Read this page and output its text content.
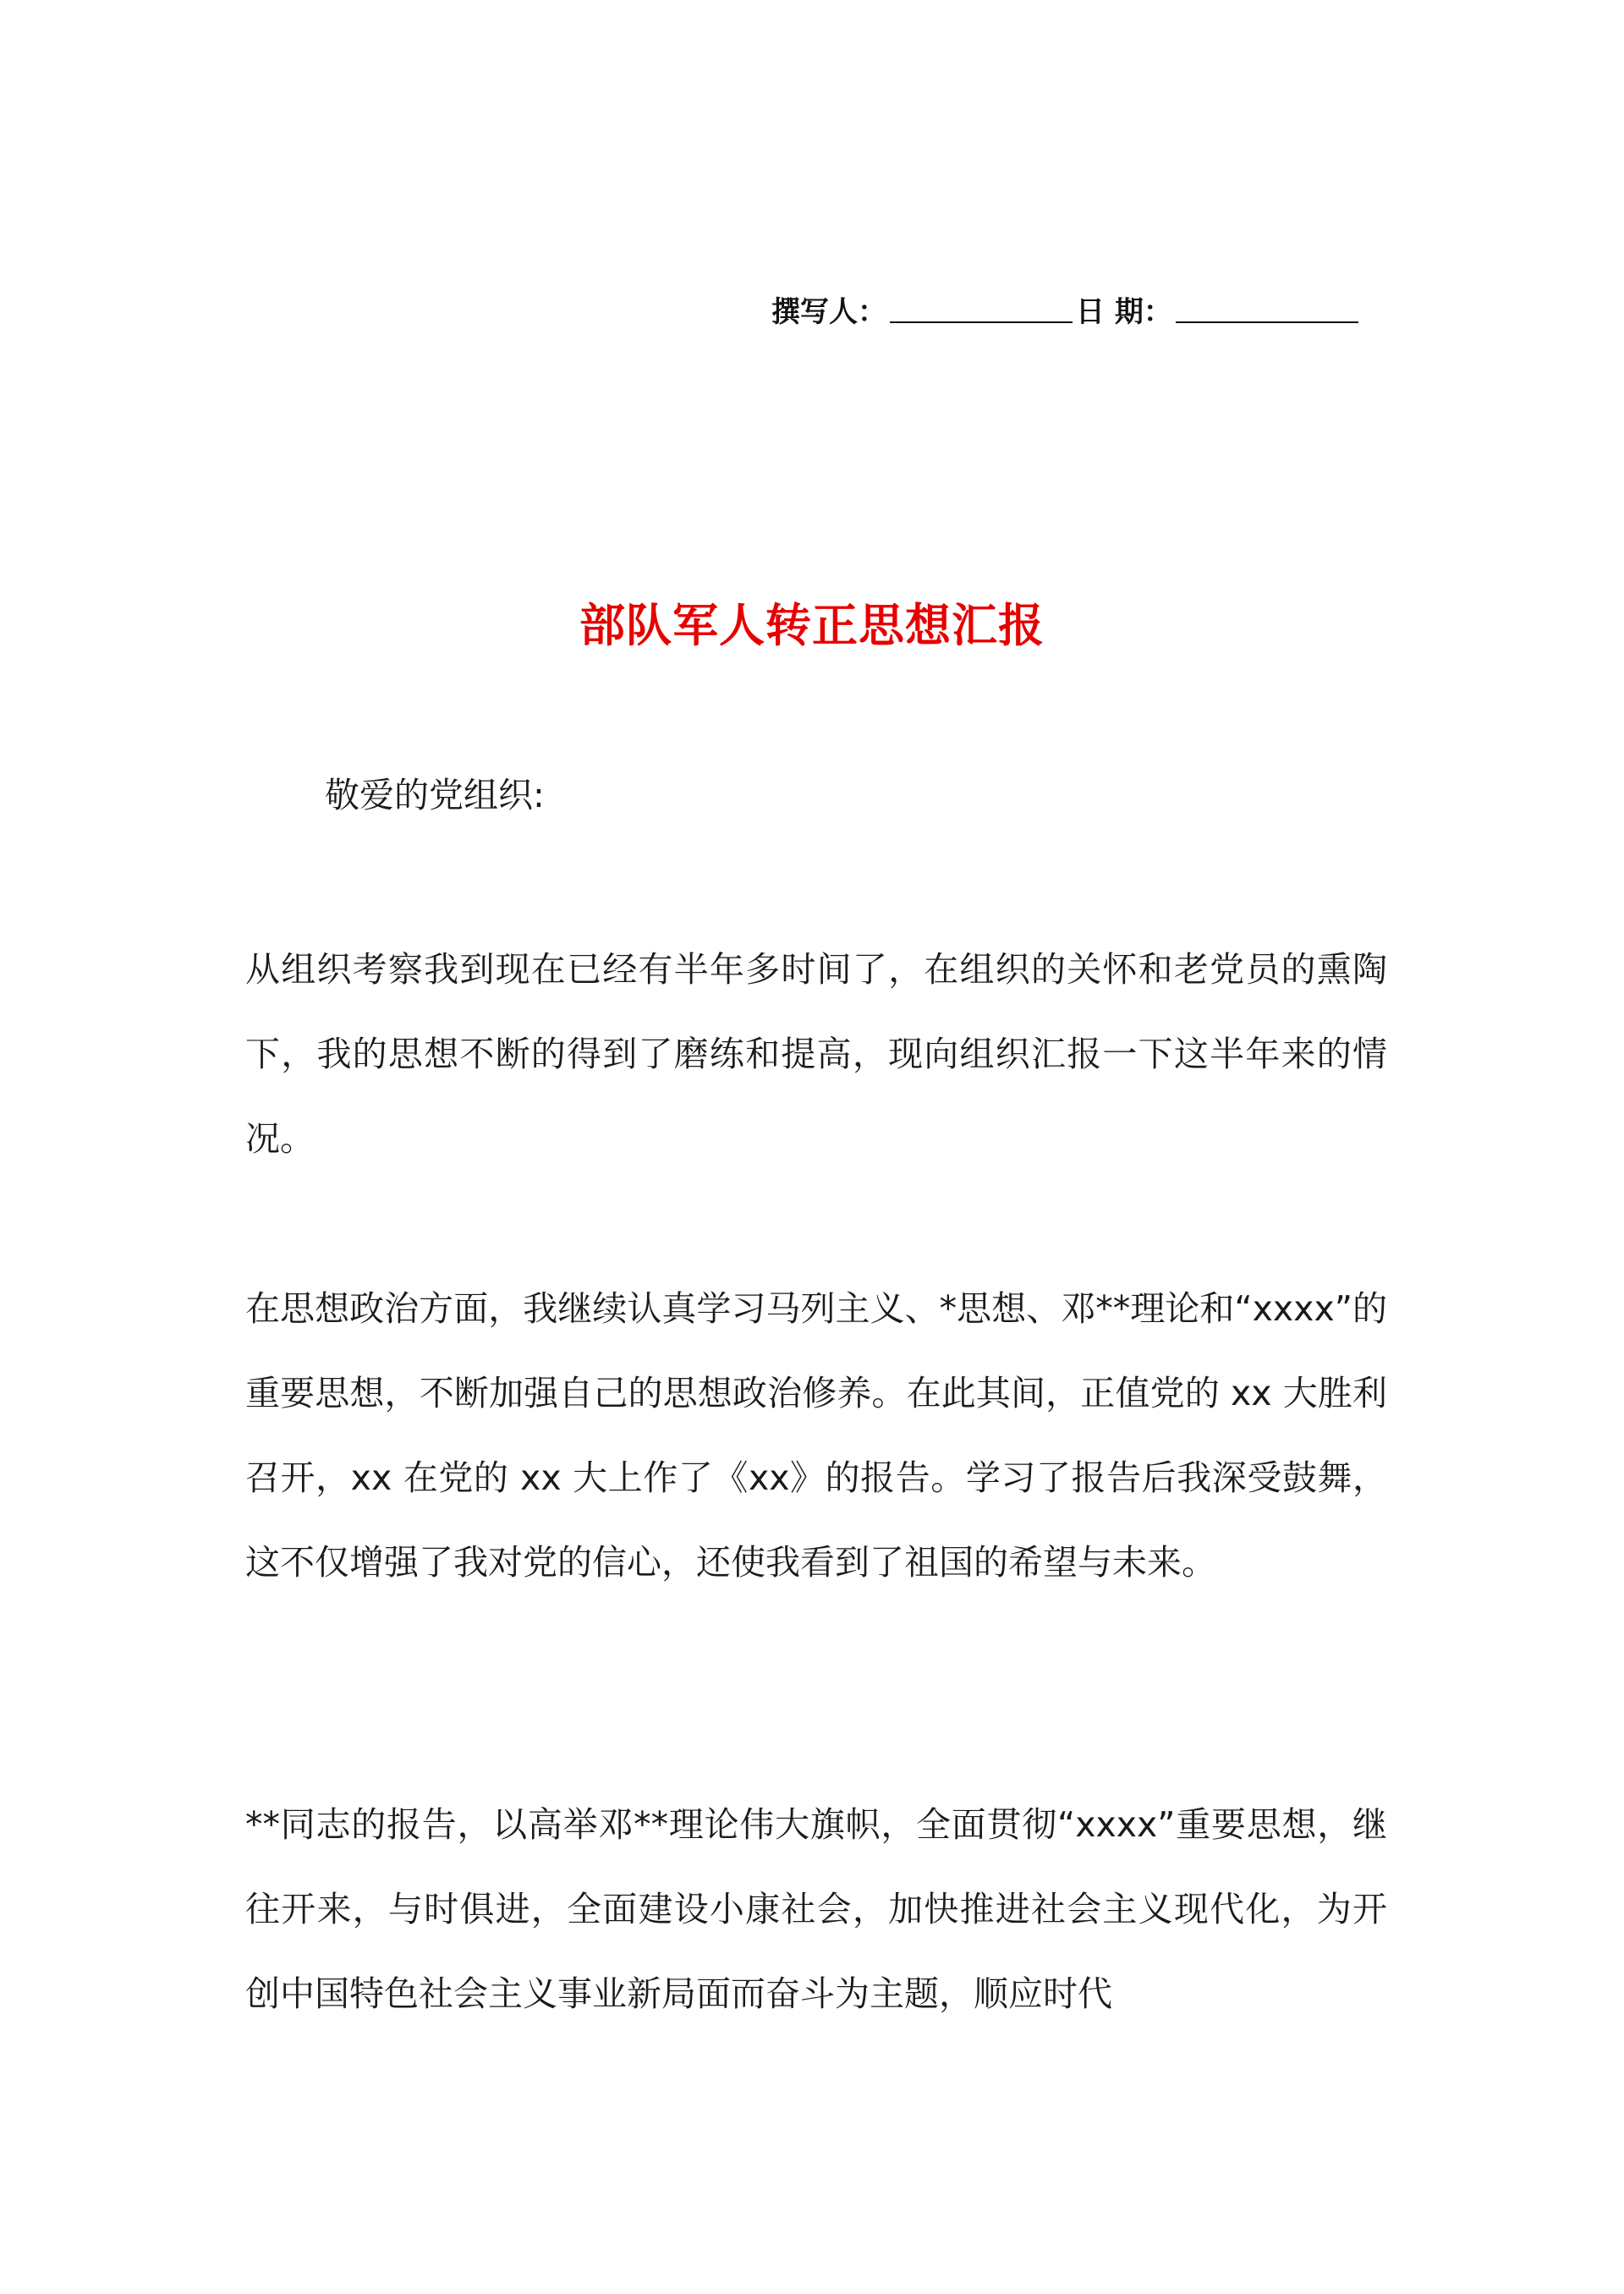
撰写人：	日 期：
部队军人转正思想汇报
敬爱的党组织:

从组织考察我到现在已经有半年多时间了，在组织的关怀和老党员的熏陶下，我的思想不断的得到了磨练和提高，现向组织汇报一下这半年来的情况。

在思想政治方面，我继续认真学习马列主义、*思想、邓**理论和“xxxx”的重要思想，不断加强自己的思想政治修养。在此其间，正值党的 xx 大胜利召开，xx 在党的 xx 大上作了《xx》的报告。学习了报告后我深受鼓舞，这不仅增强了我对党的信心，还使我看到了祖国的希望与未来。

**同志的报告，以高举邓**理论伟大旗帜，全面贯彻“xxxx”重要思想，继往开来，与时俱进，全面建设小康社会，加快推进社会主义现代化，为开创中国特色社会主义事业新局面而奋斗为主题，顺应时代
